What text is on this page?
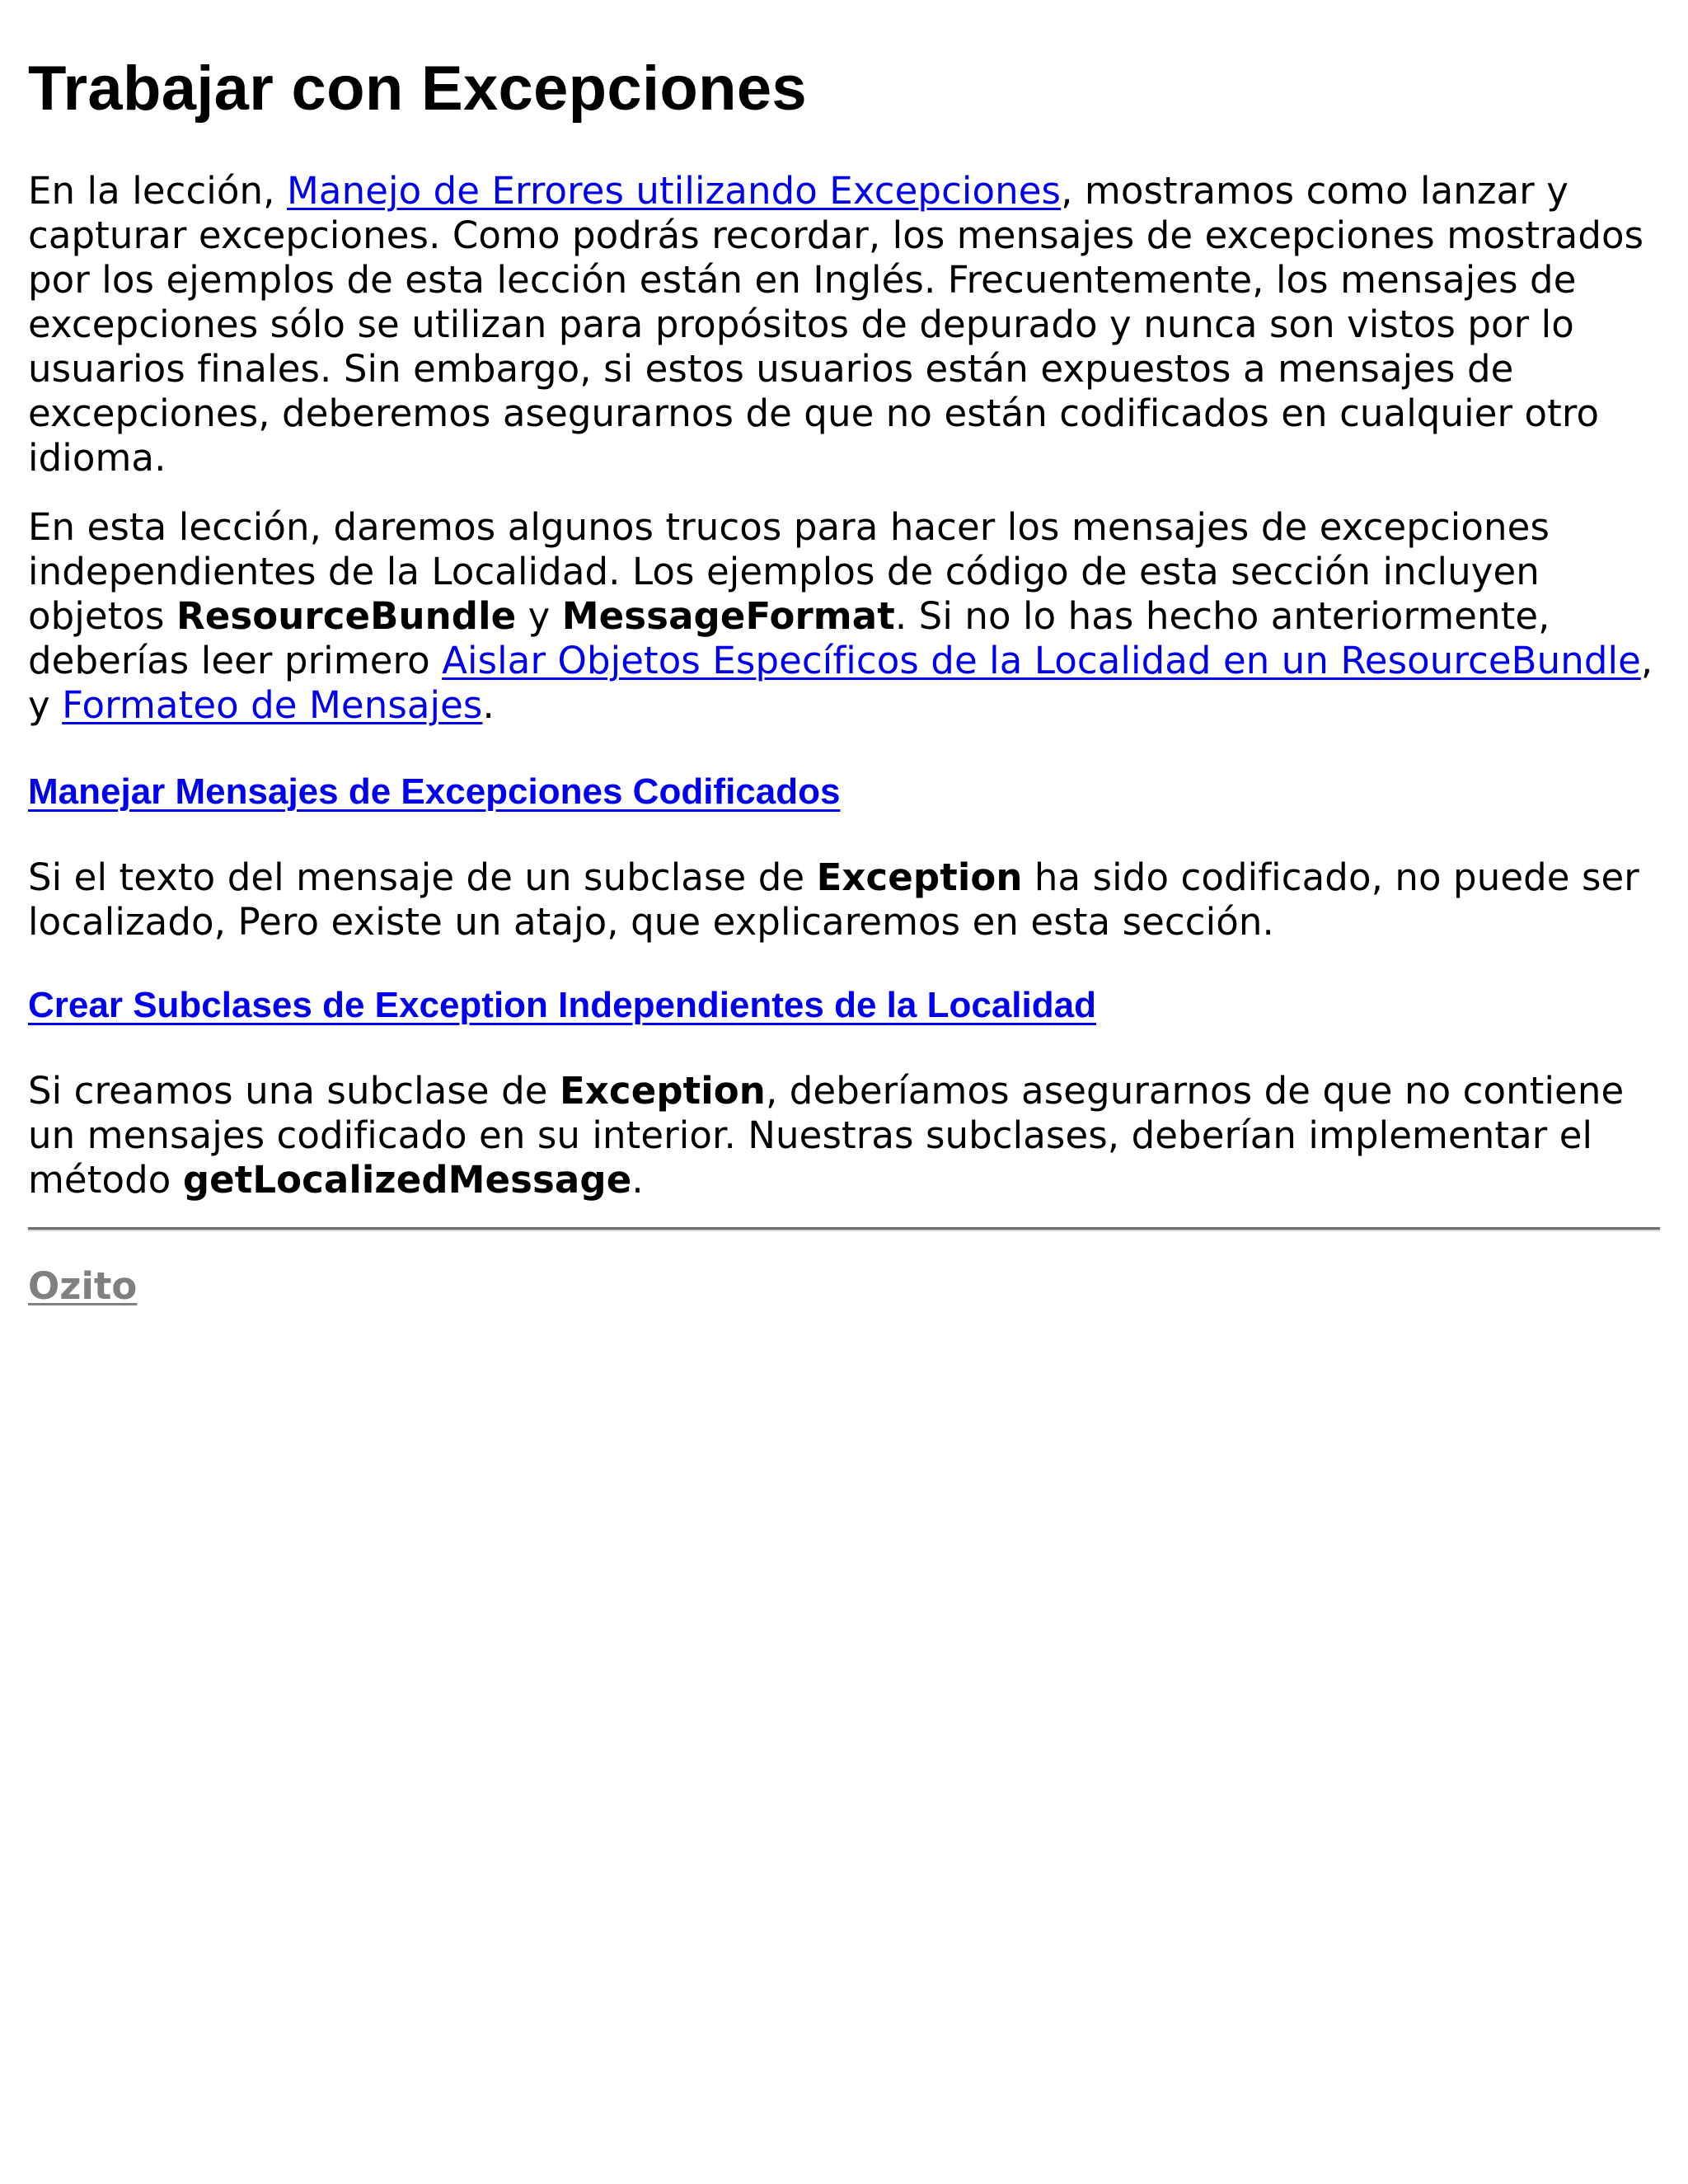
Trabajar con Excepciones

En la lección, Manejo de Errores utilizando Excepciones, mostramos como lanzar y capturar excepciones. Como podrás recordar, los mensajes de excepciones mostrados por los ejemplos de esta lección están en Inglés. Frecuentemente, los mensajes de excepciones sólo se utilizan para propósitos de depurado y nunca son vistos por lo usuarios finales. Sin embargo, si estos usuarios están expuestos a mensajes de excepciones, deberemos asegurarnos de que no están codificados en cualquier otro idioma.

En esta lección, daremos algunos trucos para hacer los mensajes de excepciones independientes de la Localidad. Los ejemplos de código de esta sección incluyen objetos ResourceBundle y MessageFormat. Si no lo has hecho anteriormente, deberías leer primero Aislar Objetos Específicos de la Localidad en un ResourceBundle, y Formateo de Mensajes.

Manejar Mensajes de Excepciones Codificados

Si el texto del mensaje de un subclase de Exception ha sido codificado, no puede ser localizado, Pero existe un atajo, que explicaremos en esta sección.

Crear Subclases de Exception Independientes de la Localidad

Si creamos una subclase de Exception, deberíamos asegurarnos de que no contiene un mensajes codificado en su interior. Nuestras subclases, deberían implementar el método getLocalizedMessage.

Ozito
